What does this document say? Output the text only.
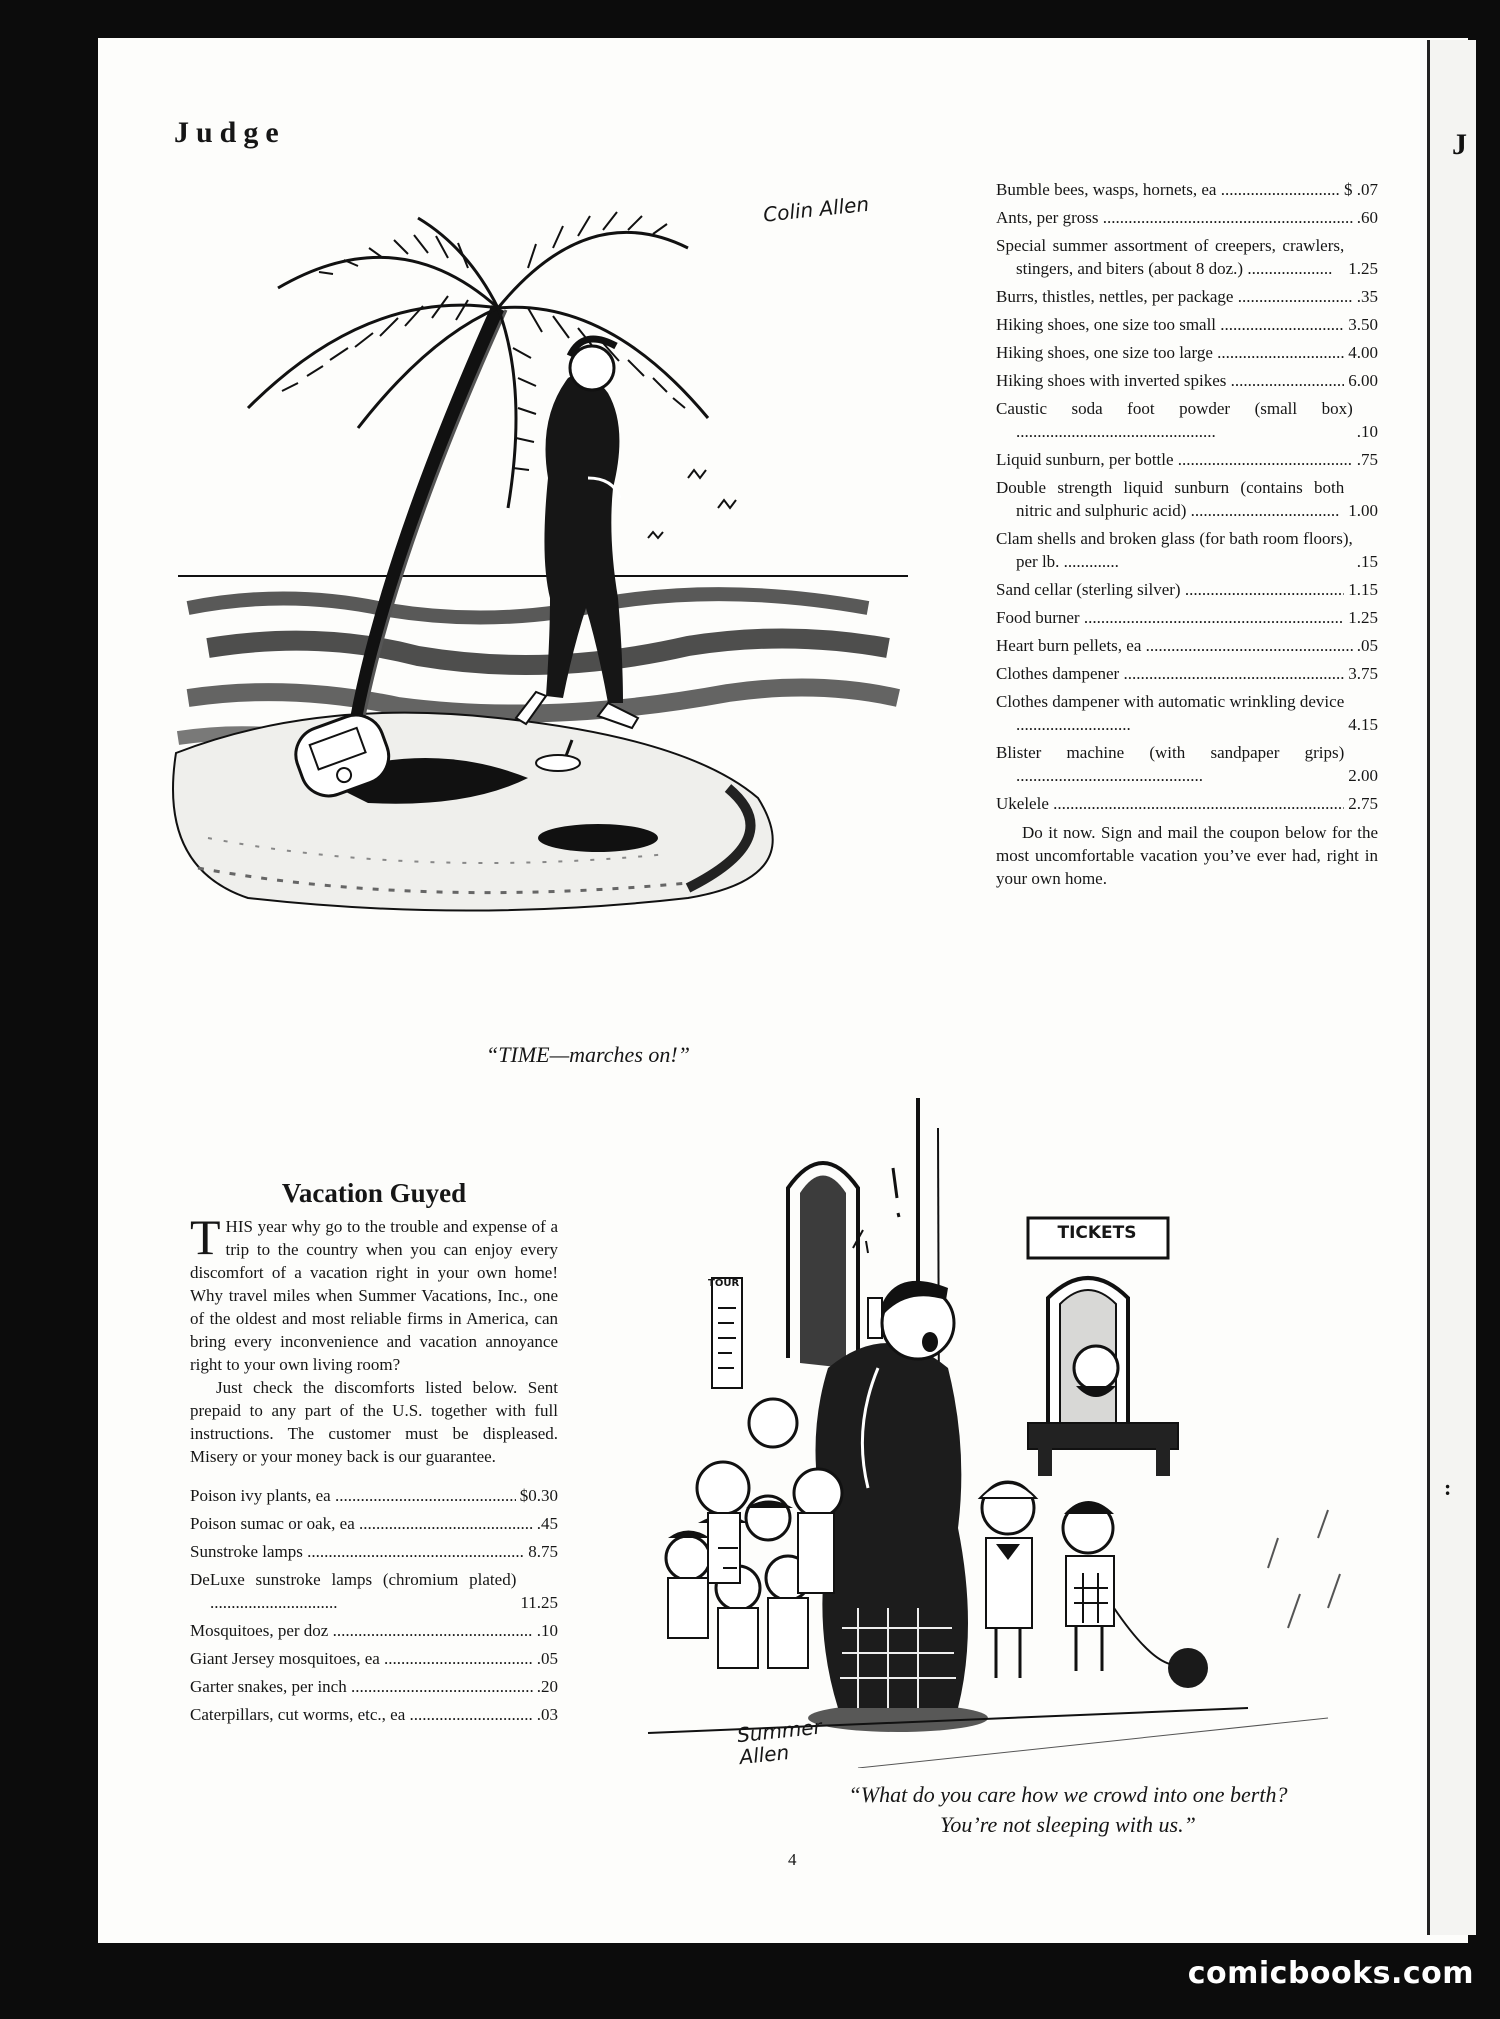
Judge
Colin Allen
“TIME—marches on!”
Bumble bees, wasps, hornets, ea .....	$ .07
Ants, per gross .....	.60
Special summer assortment of creepers, crawlers, stingers, and biters (about 8 doz.) .................... 1.25
Burrs, thistles, nettles, per package .....	.35
Hiking shoes, one size too small .....	3.50
Hiking shoes, one size too large .....	4.00
Hiking shoes with inverted spikes .....	6.00
Caustic soda foot powder (small box) ...............................................	.10
Liquid sunburn, per bottle .....	.75
Double strength liquid sunburn (contains both nitric and sulphuric acid) ................................... 1.00
Clam shells and broken glass (for bath room floors), per lb. .............	.15
Sand cellar (sterling silver) .....	1.15
Food burner .....	1.25
Heart burn pellets, ea .....	.05
Clothes dampener .....	3.75
Clothes dampener with automatic wrinkling device ...........................	4.15
Blister machine (with sandpaper grips) ............................................	2.00
Ukelele .....	2.75
Do it now. Sign and mail the coupon below for the most uncomfortable vacation you’ve ever had, right in your own home.
Vacation Guyed
THIS year why go to the trouble and expense of a trip to the country when you can enjoy every discomfort of a vacation right in your own home! Why travel miles when Summer Vacations, Inc., one of the oldest and most reliable firms in America, can bring every inconvenience and vacation annoyance right to your own living room?
Just check the discomforts listed below. Sent prepaid to any part of the U.S. together with full instructions. The customer must be displeased. Misery or your money back is our guarantee.
Poison ivy plants, ea .....	$0.30
Poison sumac or oak, ea .....	.45
Sunstroke lamps .....	8.75
DeLuxe sunstroke lamps (chromium plated) ..............................	11.25
Mosquitoes, per doz .....	.10
Giant Jersey mosquitoes, ea .....	.05
Garter snakes, per inch .....	.20
Caterpillars, cut worms, etc., ea .....	.03
TICKETS
TOUR
Summer Allen
“What do you care how we crowd into one berth?
You’re not sleeping with us.”
4
J
:
comicbooks.com
